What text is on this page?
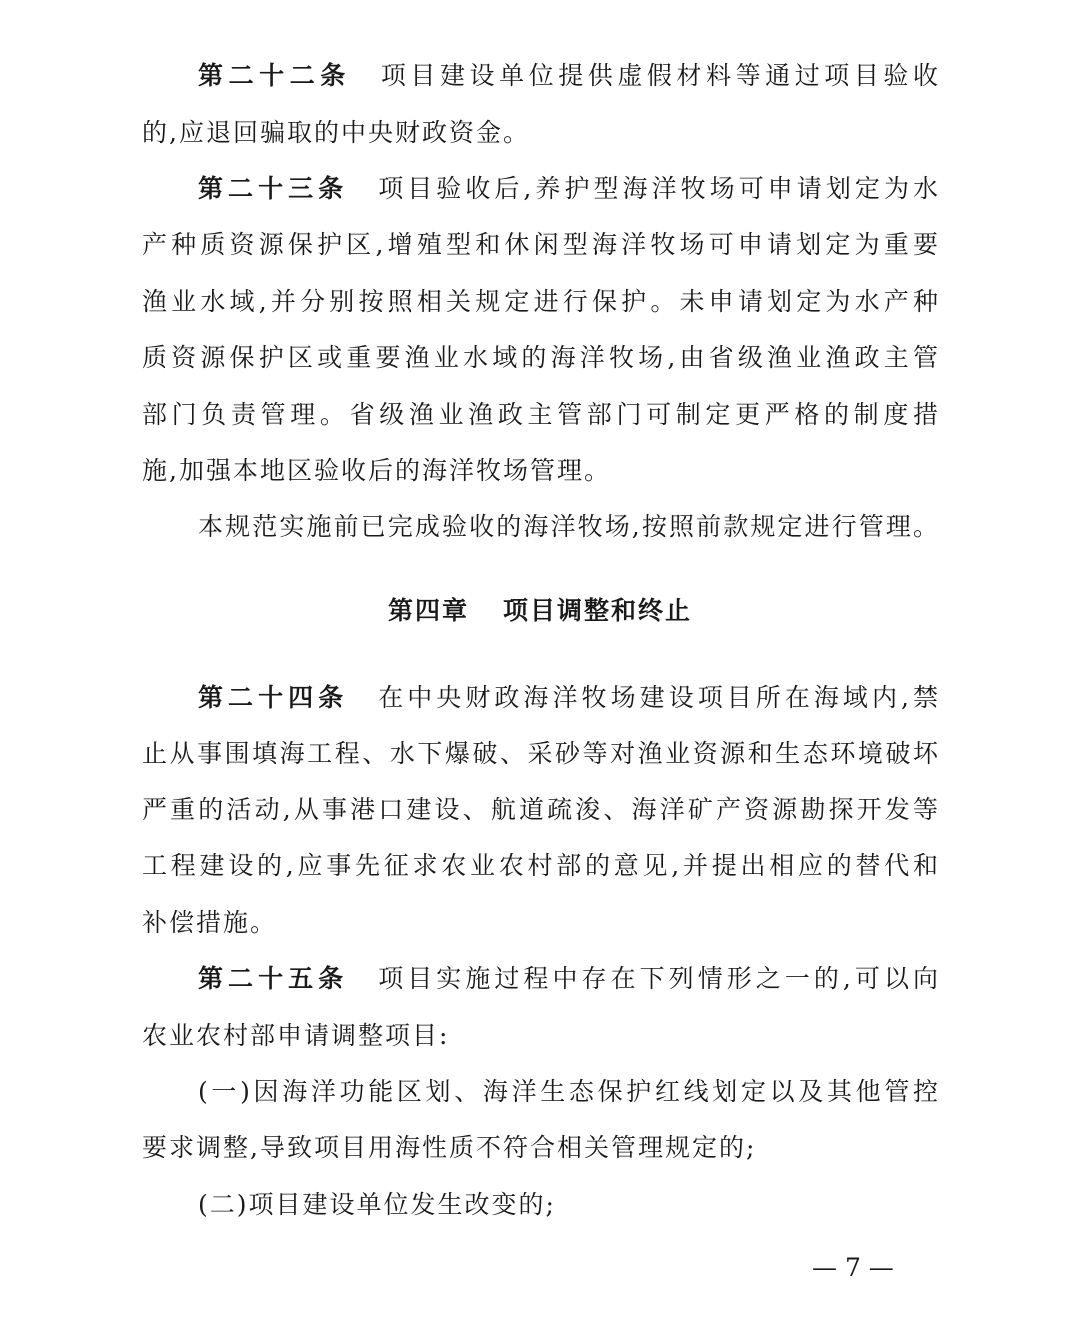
第二十二条 项目建设单位提供虚假材料等通过项目验收
的,应退回骗取的中央财政资金。
第二十三条 项目验收后,养护型海洋牧场可申请划定为水
产种质资源保护区,增殖型和休闲型海洋牧场可申请划定为重要
渔业水域,并分别按照相关规定进行保护。未申请划定为水产种
质资源保护区或重要渔业水域的海洋牧场,由省级渔业渔政主管
部门负责管理。省级渔业渔政主管部门可制定更严格的制度措
施,加强本地区验收后的海洋牧场管理。
本规范实施前已完成验收的海洋牧场,按照前款规定进行管理。
第四章 项目调整和终止
第二十四条 在中央财政海洋牧场建设项目所在海域内,禁
止从事围填海工程、水下爆破、采砂等对渔业资源和生态环境破坏
严重的活动,从事港口建设、航道疏浚、海洋矿产资源勘探开发等
工程建设的,应事先征求农业农村部的意见,并提出相应的替代和
补偿措施。
第二十五条 项目实施过程中存在下列情形之一的,可以向
农业农村部申请调整项目:
(一)因海洋功能区划、海洋生态保护红线划定以及其他管控
要求调整,导致项目用海性质不符合相关管理规定的;
(二)项目建设单位发生改变的;
— 7 —
